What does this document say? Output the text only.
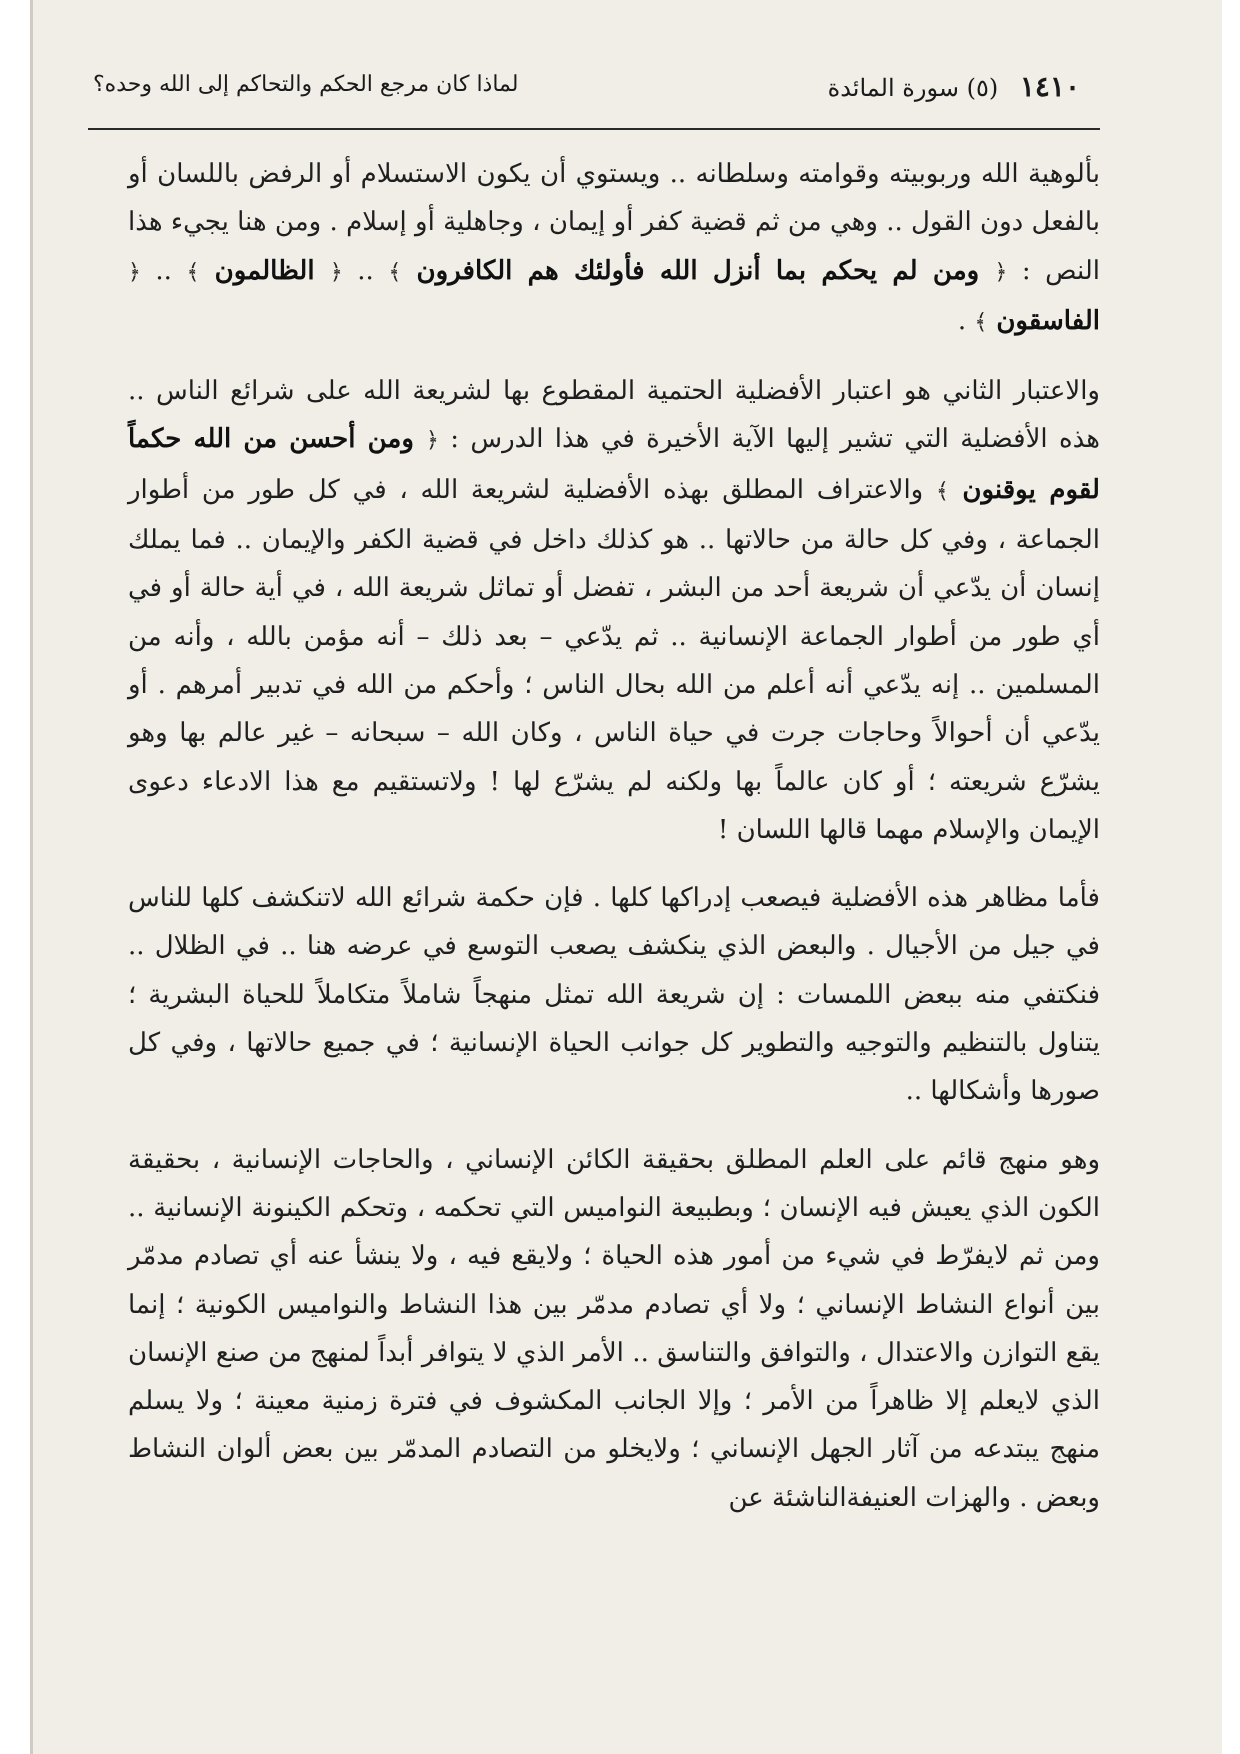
١٤١٠ (٥) سورة المائدة
لماذا كان مرجع الحكم والتحاكم إلى الله وحده؟

بألوهية الله وربوبيته وقوامته وسلطانه .. ويستوي أن يكون الاستسلام أو الرفض باللسان أو بالفعل دون القول .. وهي من ثم قضية كفر أو إيمان ، وجاهلية أو إسلام . ومن هنا يجيء هذا النص : ﴿ ومن لم يحكم بما أنزل الله فأولئك هم الكافرون ﴾ .. ﴿ الظالمون ﴾ .. ﴿ الفاسقون ﴾ .

والاعتبار الثاني هو اعتبار الأفضلية الحتمية المقطوع بها لشريعة الله على شرائع الناس .. هذه الأفضلية التي تشير إليها الآية الأخيرة في هذا الدرس : ﴿ ومن أحسن من الله حكماً لقوم يوقنون ﴾ والاعتراف المطلق بهذه الأفضلية لشريعة الله ، في كل طور من أطوار الجماعة ، وفي كل حالة من حالاتها .. هو كذلك داخل في قضية الكفر والإيمان .. فما يملك إنسان أن يدّعي أن شريعة أحد من البشر ، تفضل أو تماثل شريعة الله ، في أية حالة أو في أي طور من أطوار الجماعة الإنسانية .. ثم يدّعي – بعد ذلك – أنه مؤمن بالله ، وأنه من المسلمين .. إنه يدّعي أنه أعلم من الله بحال الناس ؛ وأحكم من الله في تدبير أمرهم . أو يدّعي أن أحوالاً وحاجات جرت في حياة الناس ، وكان الله – سبحانه – غير عالم بها وهو يشرّع شريعته ؛ أو كان عالماً بها ولكنه لم يشرّع لها ! ولاتستقيم مع هذا الادعاء دعوى الإيمان والإسلام مهما قالها اللسان !

فأما مظاهر هذه الأفضلية فيصعب إدراكها كلها . فإن حكمة شرائع الله لاتنكشف كلها للناس في جيل من الأجيال . والبعض الذي ينكشف يصعب التوسع في عرضه هنا .. في الظلال .. فنكتفي منه ببعض اللمسات : إن شريعة الله تمثل منهجاً شاملاً متكاملاً للحياة البشرية ؛ يتناول بالتنظيم والتوجيه والتطوير كل جوانب الحياة الإنسانية ؛ في جميع حالاتها ، وفي كل صورها وأشكالها ..

وهو منهج قائم على العلم المطلق بحقيقة الكائن الإنساني ، والحاجات الإنسانية ، بحقيقة الكون الذي يعيش فيه الإنسان ؛ وبطبيعة النواميس التي تحكمه ، وتحكم الكينونة الإنسانية .. ومن ثم لايفرّط في شيء من أمور هذه الحياة ؛ ولايقع فيه ، ولا ينشأ عنه أي تصادم مدمّر بين أنواع النشاط الإنساني ؛ ولا أي تصادم مدمّر بين هذا النشاط والنواميس الكونية ؛ إنما يقع التوازن والاعتدال ، والتوافق والتناسق .. الأمر الذي لا يتوافر أبداً لمنهج من صنع الإنسان الذي لايعلم إلا ظاهراً من الأمر ؛ وإلا الجانب المكشوف في فترة زمنية معينة ؛ ولا يسلم منهج يبتدعه من آثار الجهل الإنساني ؛ ولايخلو من التصادم المدمّر بين بعض ألوان النشاط وبعض . والهزات العنيفةالناشئة عن
